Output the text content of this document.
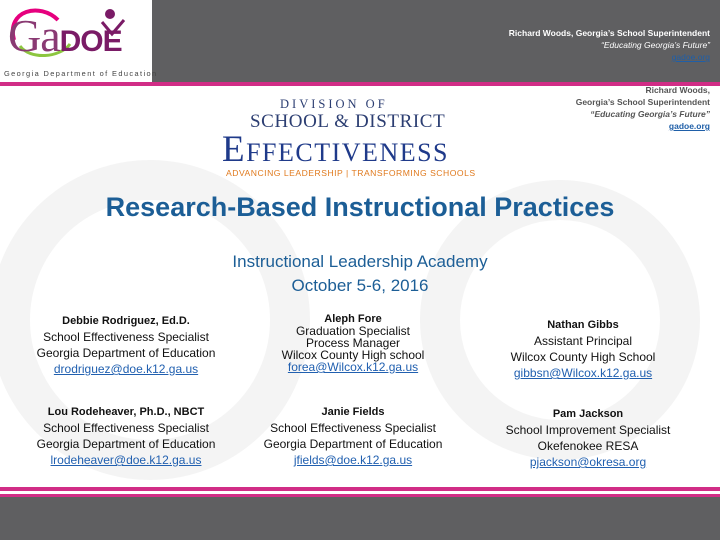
GaDOE
Georgia Department of Education
Richard Woods, Georgia’s School Superintendent
“Educating Georgia’s Future”
gadoe.org
Richard Woods,
Georgia’s School Superintendent
“Educating Georgia’s Future”
gadoe.org
DIVISION OF
SCHOOL & DISTRICT
Effectiveness
ADVANCING LEADERSHIP | TRANSFORMING SCHOOLS
Research-Based Instructional Practices
Instructional Leadership Academy
October 5-6, 2016
Debbie Rodriguez, Ed.D.
School Effectiveness Specialist
Georgia Department of Education
drodriguez@doe.k12.ga.us
Aleph Fore
Graduation Specialist
Process Manager
Wilcox County High school
forea@Wilcox.k12.ga.us
Nathan Gibbs
Assistant Principal
Wilcox County High School
gibbsn@Wilcox.k12.ga.us
Lou Rodeheaver, Ph.D., NBCT
School Effectiveness Specialist
Georgia Department of Education
lrodeheaver@doe.k12.ga.us
Janie Fields
School Effectiveness Specialist
Georgia Department of Education
jfields@doe.k12.ga.us
Pam Jackson
School Improvement Specialist
Okefenokee RESA
pjackson@okresa.org
